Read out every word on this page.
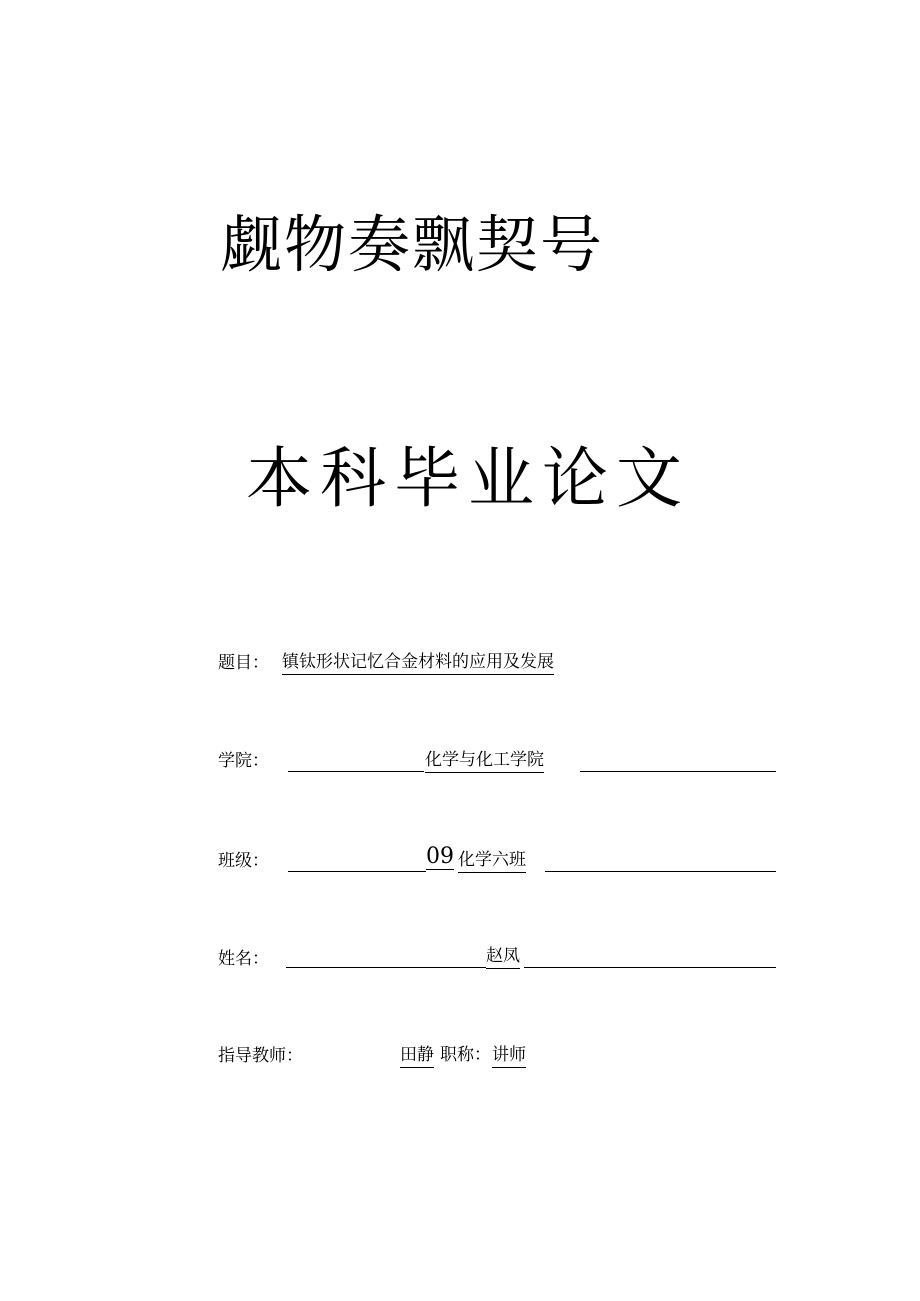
觑物奏飘契号
本科毕业论文
题目： 镇钛形状记忆合金材料的应用及发展
学院：	化学与化工学院
班级：	09 化学六班
姓名：	赵凤
指导教师：	田静 职称： 讲师
